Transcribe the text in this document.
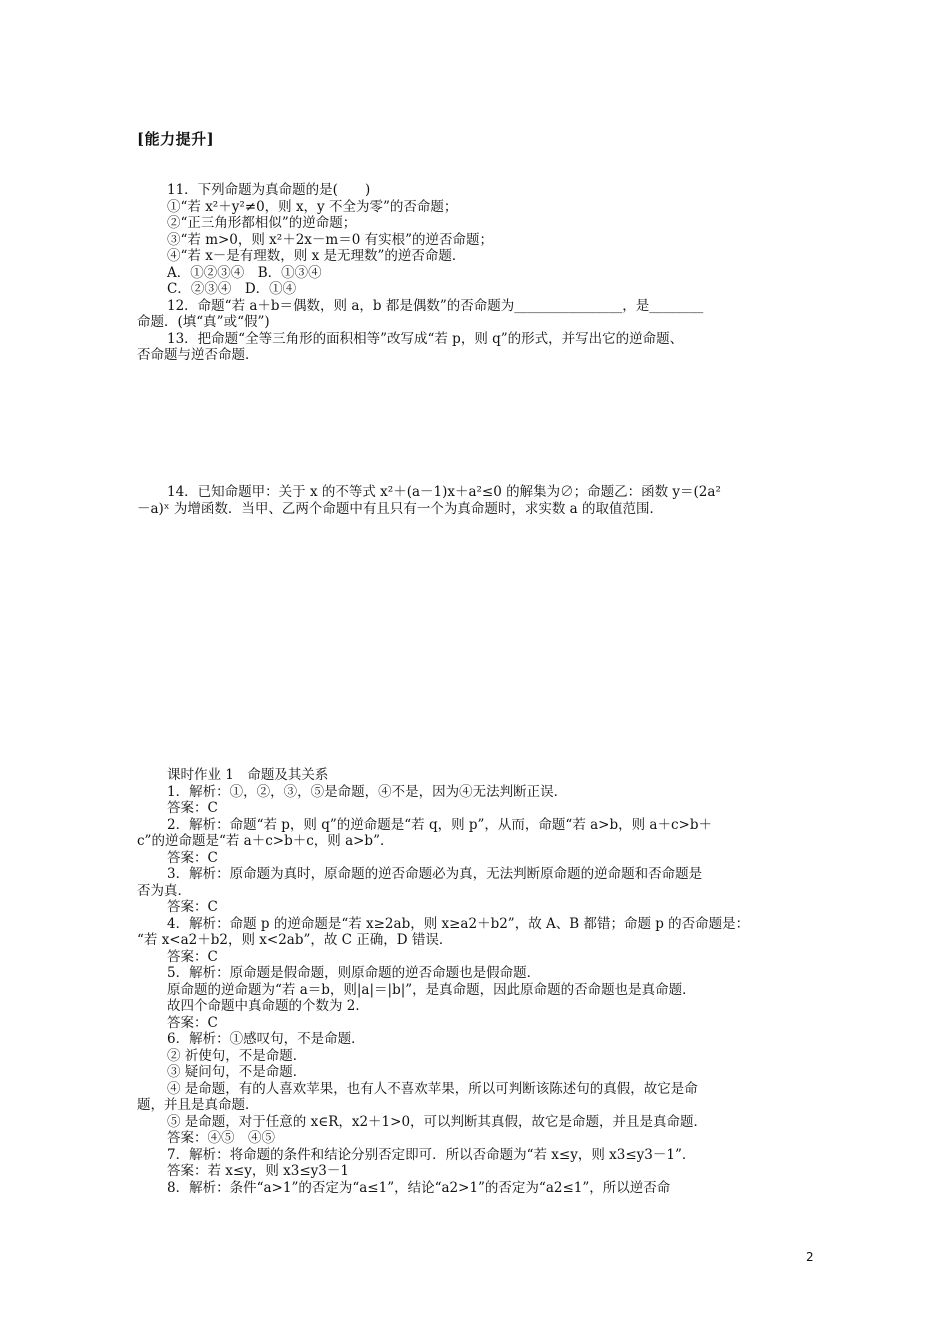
[能力提升]
11．下列命题为真命题的是(　　)
①“若 x²＋y²≠0，则 x，y 不全为零”的否命题；
②“正三角形都相似”的逆命题；
③“若 m>0，则 x²＋2x－m＝0 有实根”的逆否命题；
④“若 x－是有理数，则 x 是无理数”的逆否命题．
A．①②③④　B．①③④
C．②③④　D．①④
12．命题“若 a＋b＝偶数，则 a，b 都是偶数”的否命题为________________，是________
命题．(填“真”或“假”)
13．把命题“全等三角形的面积相等”改写成“若 p，则 q”的形式，并写出它的逆命题、
否命题与逆否命题．
14．已知命题甲：关于 x 的不等式 x²＋(a－1)x＋a²≤0 的解集为∅；命题乙：函数 y＝(2a²
－a)ˣ 为增函数．当甲、乙两个命题中有且只有一个为真命题时，求实数 a 的取值范围．
课时作业 1　命题及其关系
1．解析：①，②，③，⑤是命题，④不是，因为④无法判断正误．
答案：C
2．解析：命题“若 p，则 q”的逆命题是“若 q，则 p”，从而，命题“若 a>b，则 a＋c>b＋
c”的逆命题是“若 a＋c>b＋c，则 a>b”．
答案：C
3．解析：原命题为真时，原命题的逆否命题必为真，无法判断原命题的逆命题和否命题是
否为真．
答案：C
4．解析：命题 p 的逆命题是“若 x≥2ab，则 x≥a2＋b2”，故 A、B 都错；命题 p 的否命题是：
“若 x<a2＋b2，则 x<2ab”，故 C 正确，D 错误．
答案：C
5．解析：原命题是假命题，则原命题的逆否命题也是假命题．
原命题的逆命题为“若 a＝b，则|a|＝|b|”，是真命题，因此原命题的否命题也是真命题．
故四个命题中真命题的个数为 2．
答案：C
6．解析：①感叹句，不是命题．
② 祈使句，不是命题．
③ 疑问句，不是命题．
④ 是命题，有的人喜欢苹果，也有人不喜欢苹果，所以可判断该陈述句的真假，故它是命
题，并且是真命题．
⑤ 是命题，对于任意的 x∈R，x2＋1>0，可以判断其真假，故它是命题，并且是真命题．
答案：④⑤　④⑤
7．解析：将命题的条件和结论分别否定即可．所以否命题为“若 x≤y，则 x3≤y3－1”．
答案：若 x≤y，则 x3≤y3－1
8．解析：条件“a>1”的否定为“a≤1”，结论“a2>1”的否定为“a2≤1”，所以逆否命
2
